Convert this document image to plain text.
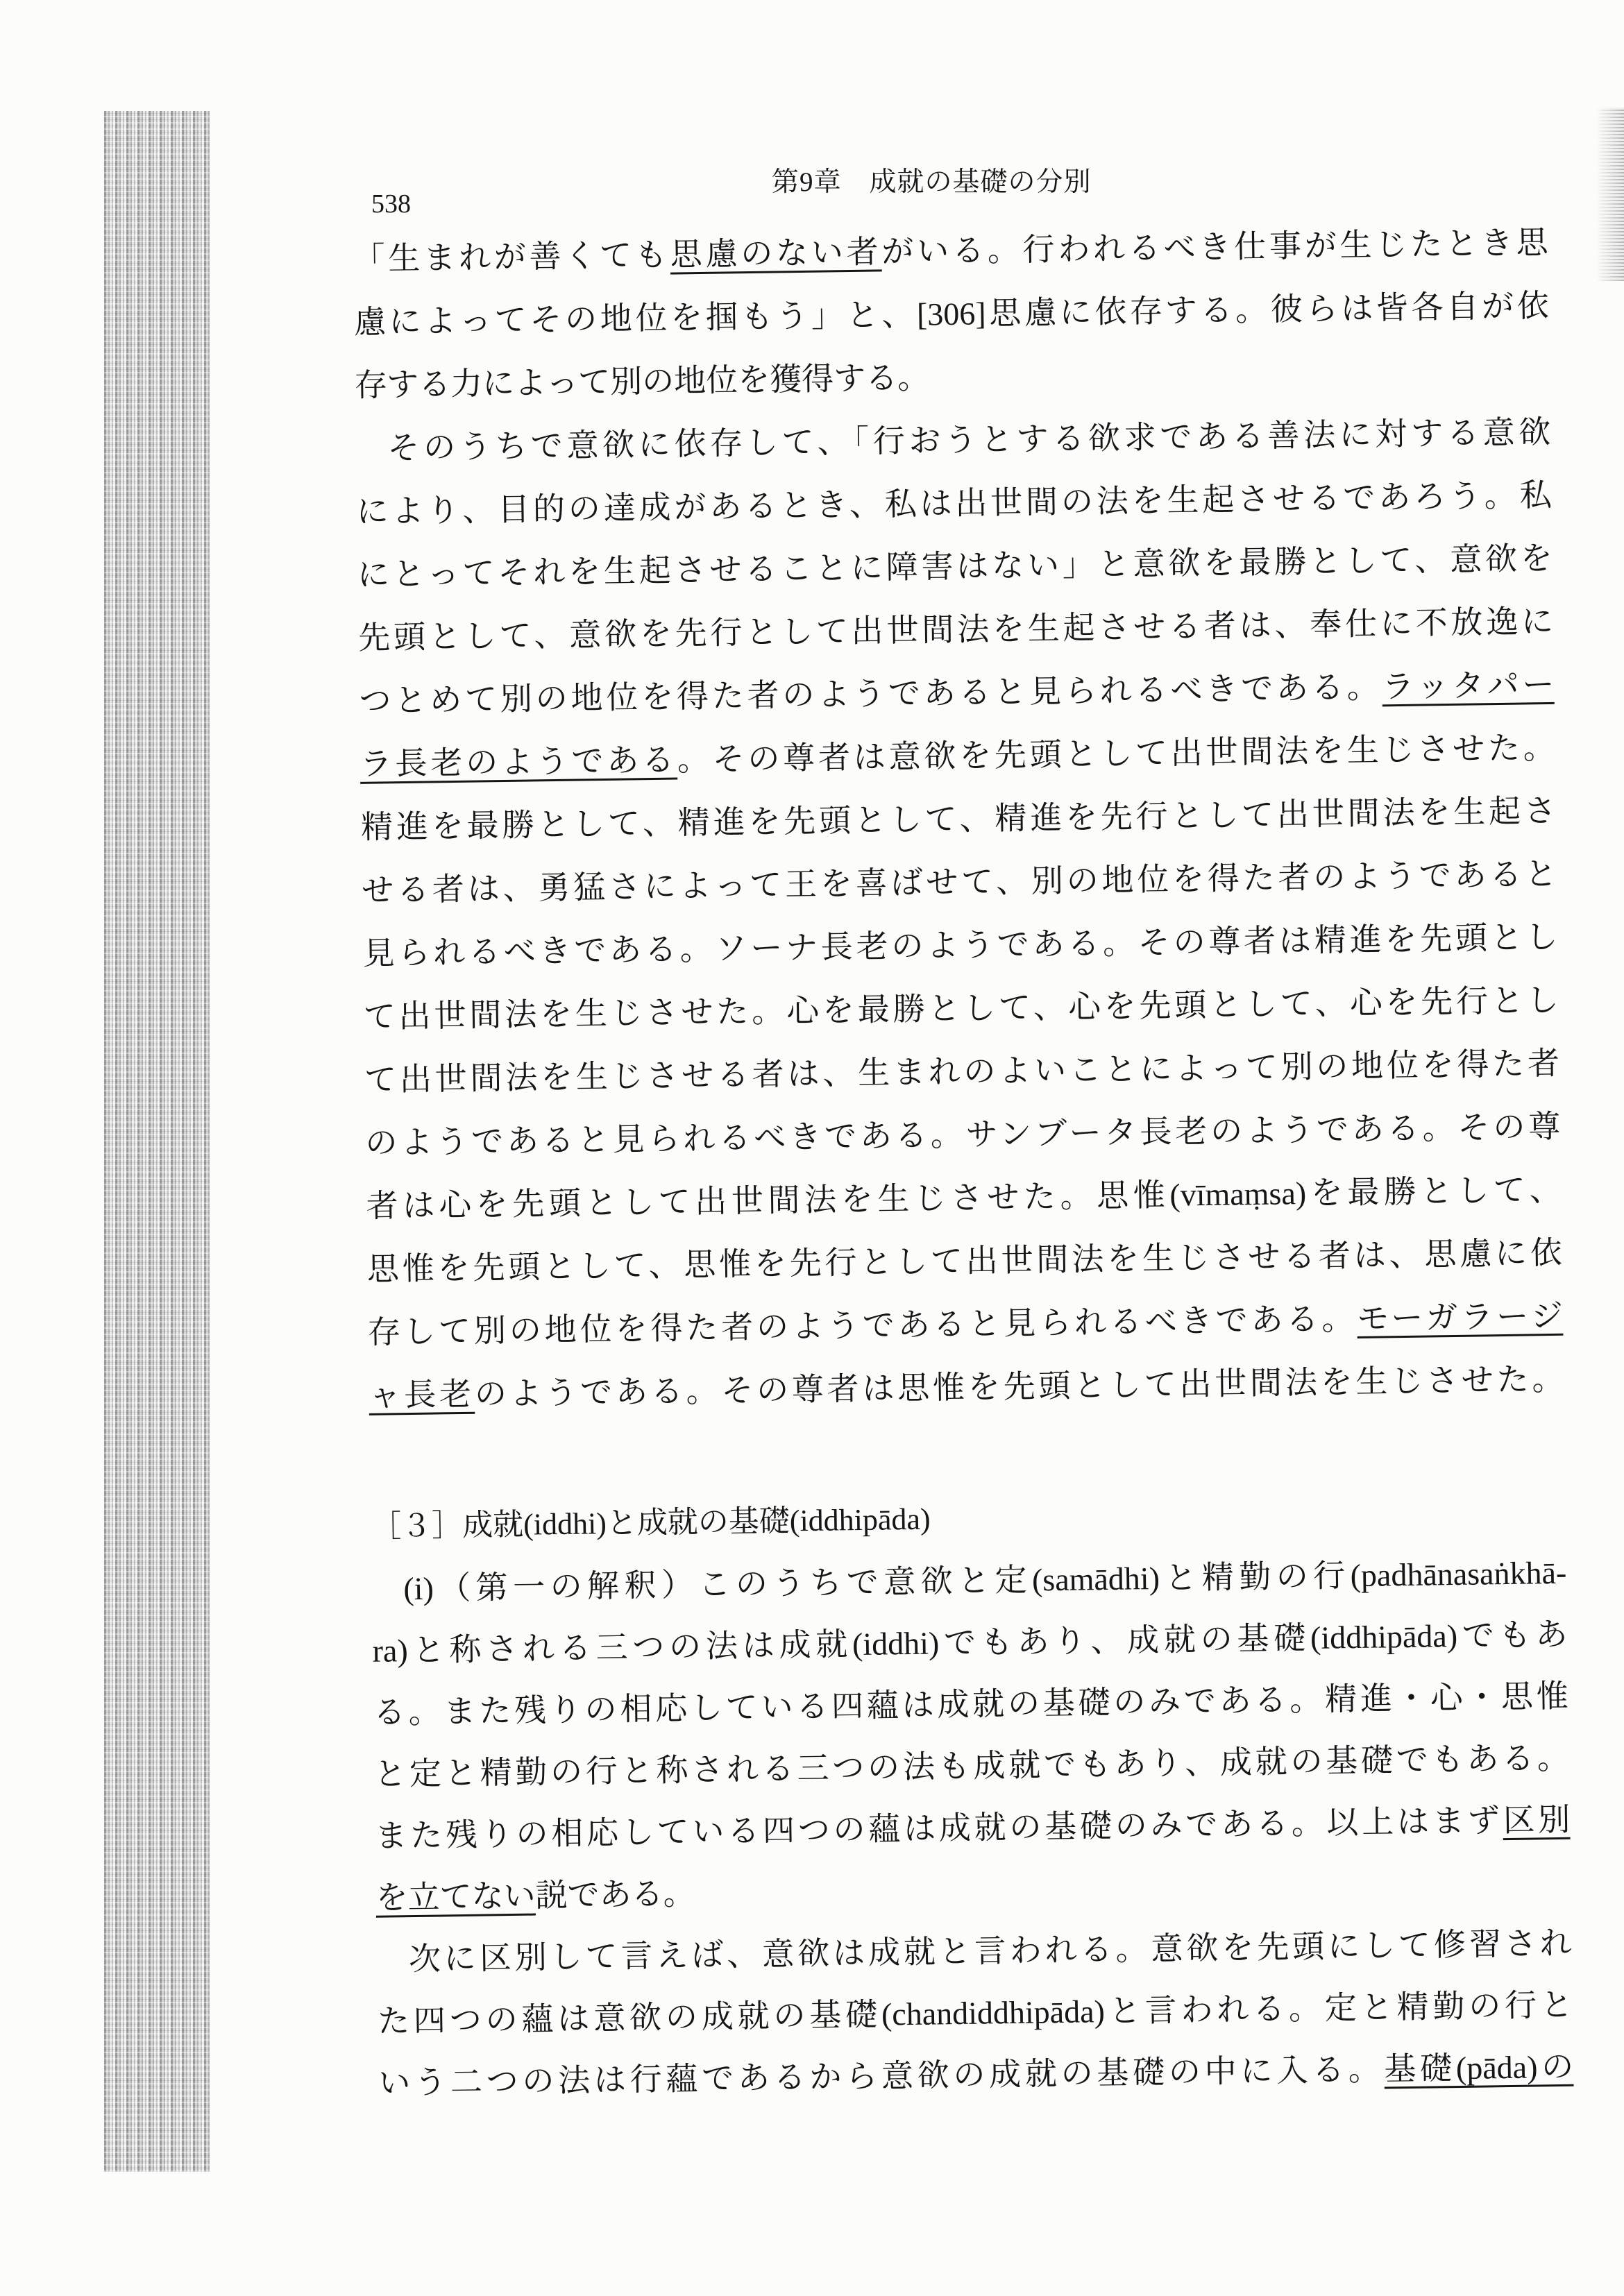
538
第9章　成就の基礎の分別
「生まれが善くても思慮のない者がいる。行われるべき仕事が生じたとき思
慮によってその地位を掴もう」と、[306]思慮に依存する。彼らは皆各自が依
存する力によって別の地位を獲得する。
そのうちで意欲に依存して、「行おうとする欲求である善法に対する意欲
により、目的の達成があるとき、私は出世間の法を生起させるであろう。私
にとってそれを生起させることに障害はない」と意欲を最勝として、意欲を
先頭として、意欲を先行として出世間法を生起させる者は、奉仕に不放逸に
つとめて別の地位を得た者のようであると見られるべきである。ラッタパー
ラ長老のようである。その尊者は意欲を先頭として出世間法を生じさせた。
精進を最勝として、精進を先頭として、精進を先行として出世間法を生起さ
せる者は、勇猛さによって王を喜ばせて、別の地位を得た者のようであると
見られるべきである。ソーナ長老のようである。その尊者は精進を先頭とし
て出世間法を生じさせた。心を最勝として、心を先頭として、心を先行とし
て出世間法を生じさせる者は、生まれのよいことによって別の地位を得た者
のようであると見られるべきである。サンブータ長老のようである。その尊
者は心を先頭として出世間法を生じさせた。思惟(vīmaṃsa)を最勝として、
思惟を先頭として、思惟を先行として出世間法を生じさせる者は、思慮に依
存して別の地位を得た者のようであると見られるべきである。モーガラージ
ャ長老のようである。その尊者は思惟を先頭として出世間法を生じさせた。
［３］成就(iddhi)と成就の基礎(iddhipāda)
(i)（第一の解釈）このうちで意欲と定(samādhi)と精勤の行(padhānasaṅkhā-
ra)と称される三つの法は成就(iddhi)でもあり、成就の基礎(iddhipāda)でもあ
る。また残りの相応している四蘊は成就の基礎のみである。精進・心・思惟
と定と精勤の行と称される三つの法も成就でもあり、成就の基礎でもある。
また残りの相応している四つの蘊は成就の基礎のみである。以上はまず区別
を立てない説である。
次に区別して言えば、意欲は成就と言われる。意欲を先頭にして修習され
た四つの蘊は意欲の成就の基礎(chandiddhipāda)と言われる。定と精勤の行と
いう二つの法は行蘊であるから意欲の成就の基礎の中に入る。基礎(pāda)の
